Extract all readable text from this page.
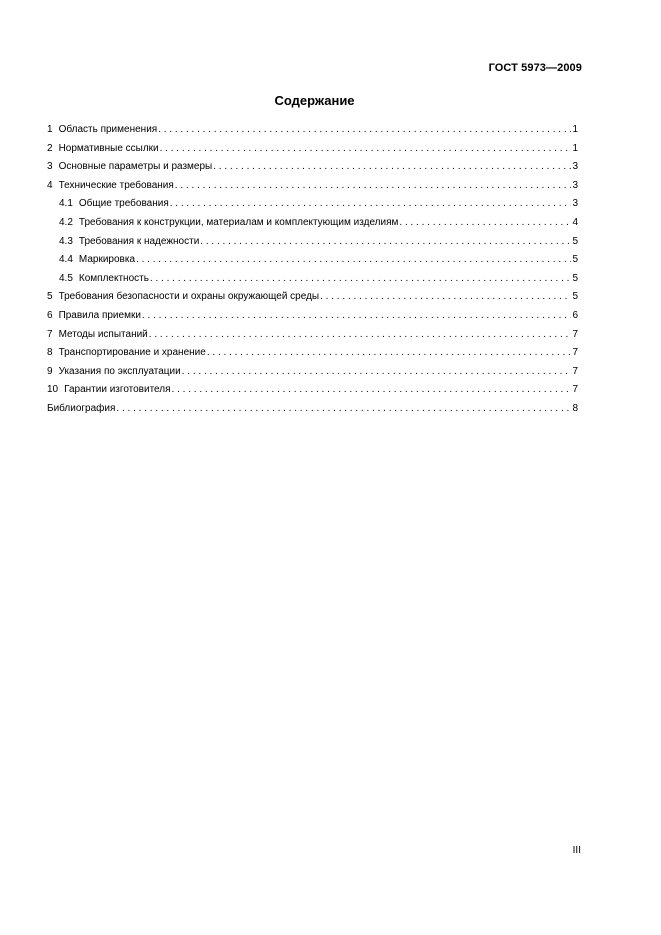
ГОСТ 5973—2009
Содержание
1 Область применения . . .	1
2 Нормативные ссылки . . .	1
3 Основные параметры и размеры . . .	3
4 Технические требования . . .	3
4.1 Общие требования . . .	3
4.2 Требования к конструкции, материалам и комплектующим изделиям . . .	4
4.3 Требования к надежности . . .	5
4.4 Маркировка . . .	5
4.5 Комплектность . . .	5
5 Требования безопасности и охраны окружающей среды . . .	5
6 Правила приемки . . .	6
7 Методы испытаний . . .	7
8 Транспортирование и хранение . . .	7
9 Указания по эксплуатации . . .	7
10 Гарантии изготовителя . . .	7
Библиография . . .	8
III
